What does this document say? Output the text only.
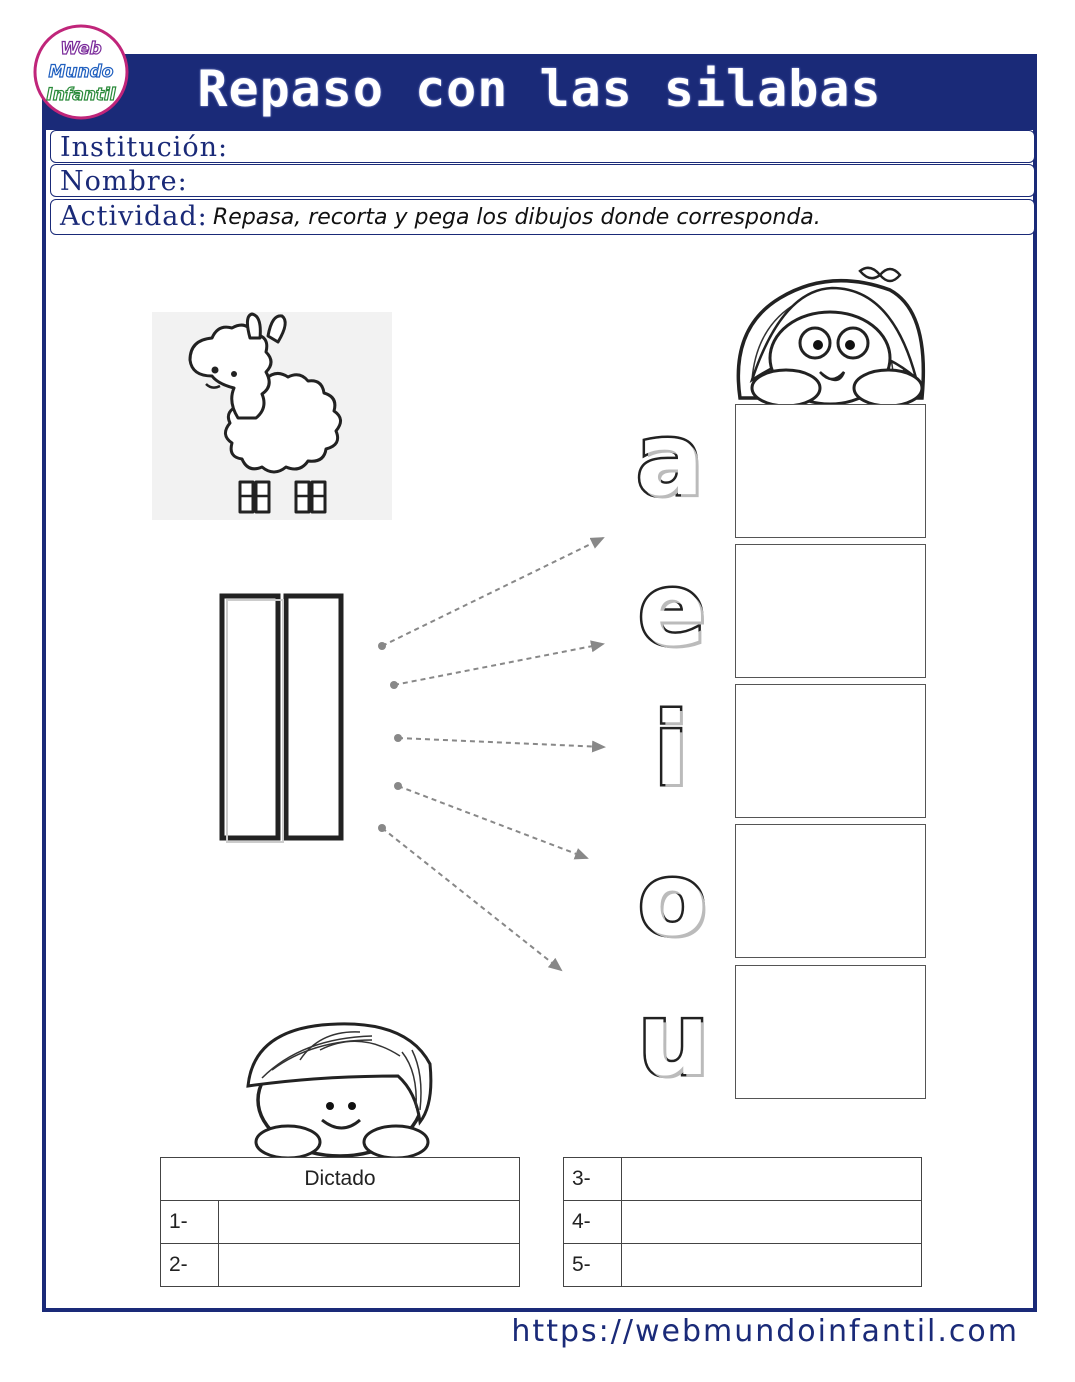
Repaso con las silabas
Institución:
Nombre:
Actividad: Repasa, recorta y pega los dibujos donde corresponda.
Web
Mundo
Infantil
a
e
i
o
u
Dictado	
1-	
2-	
3-	
4-	
5-	
https://webmundoinfantil.com
